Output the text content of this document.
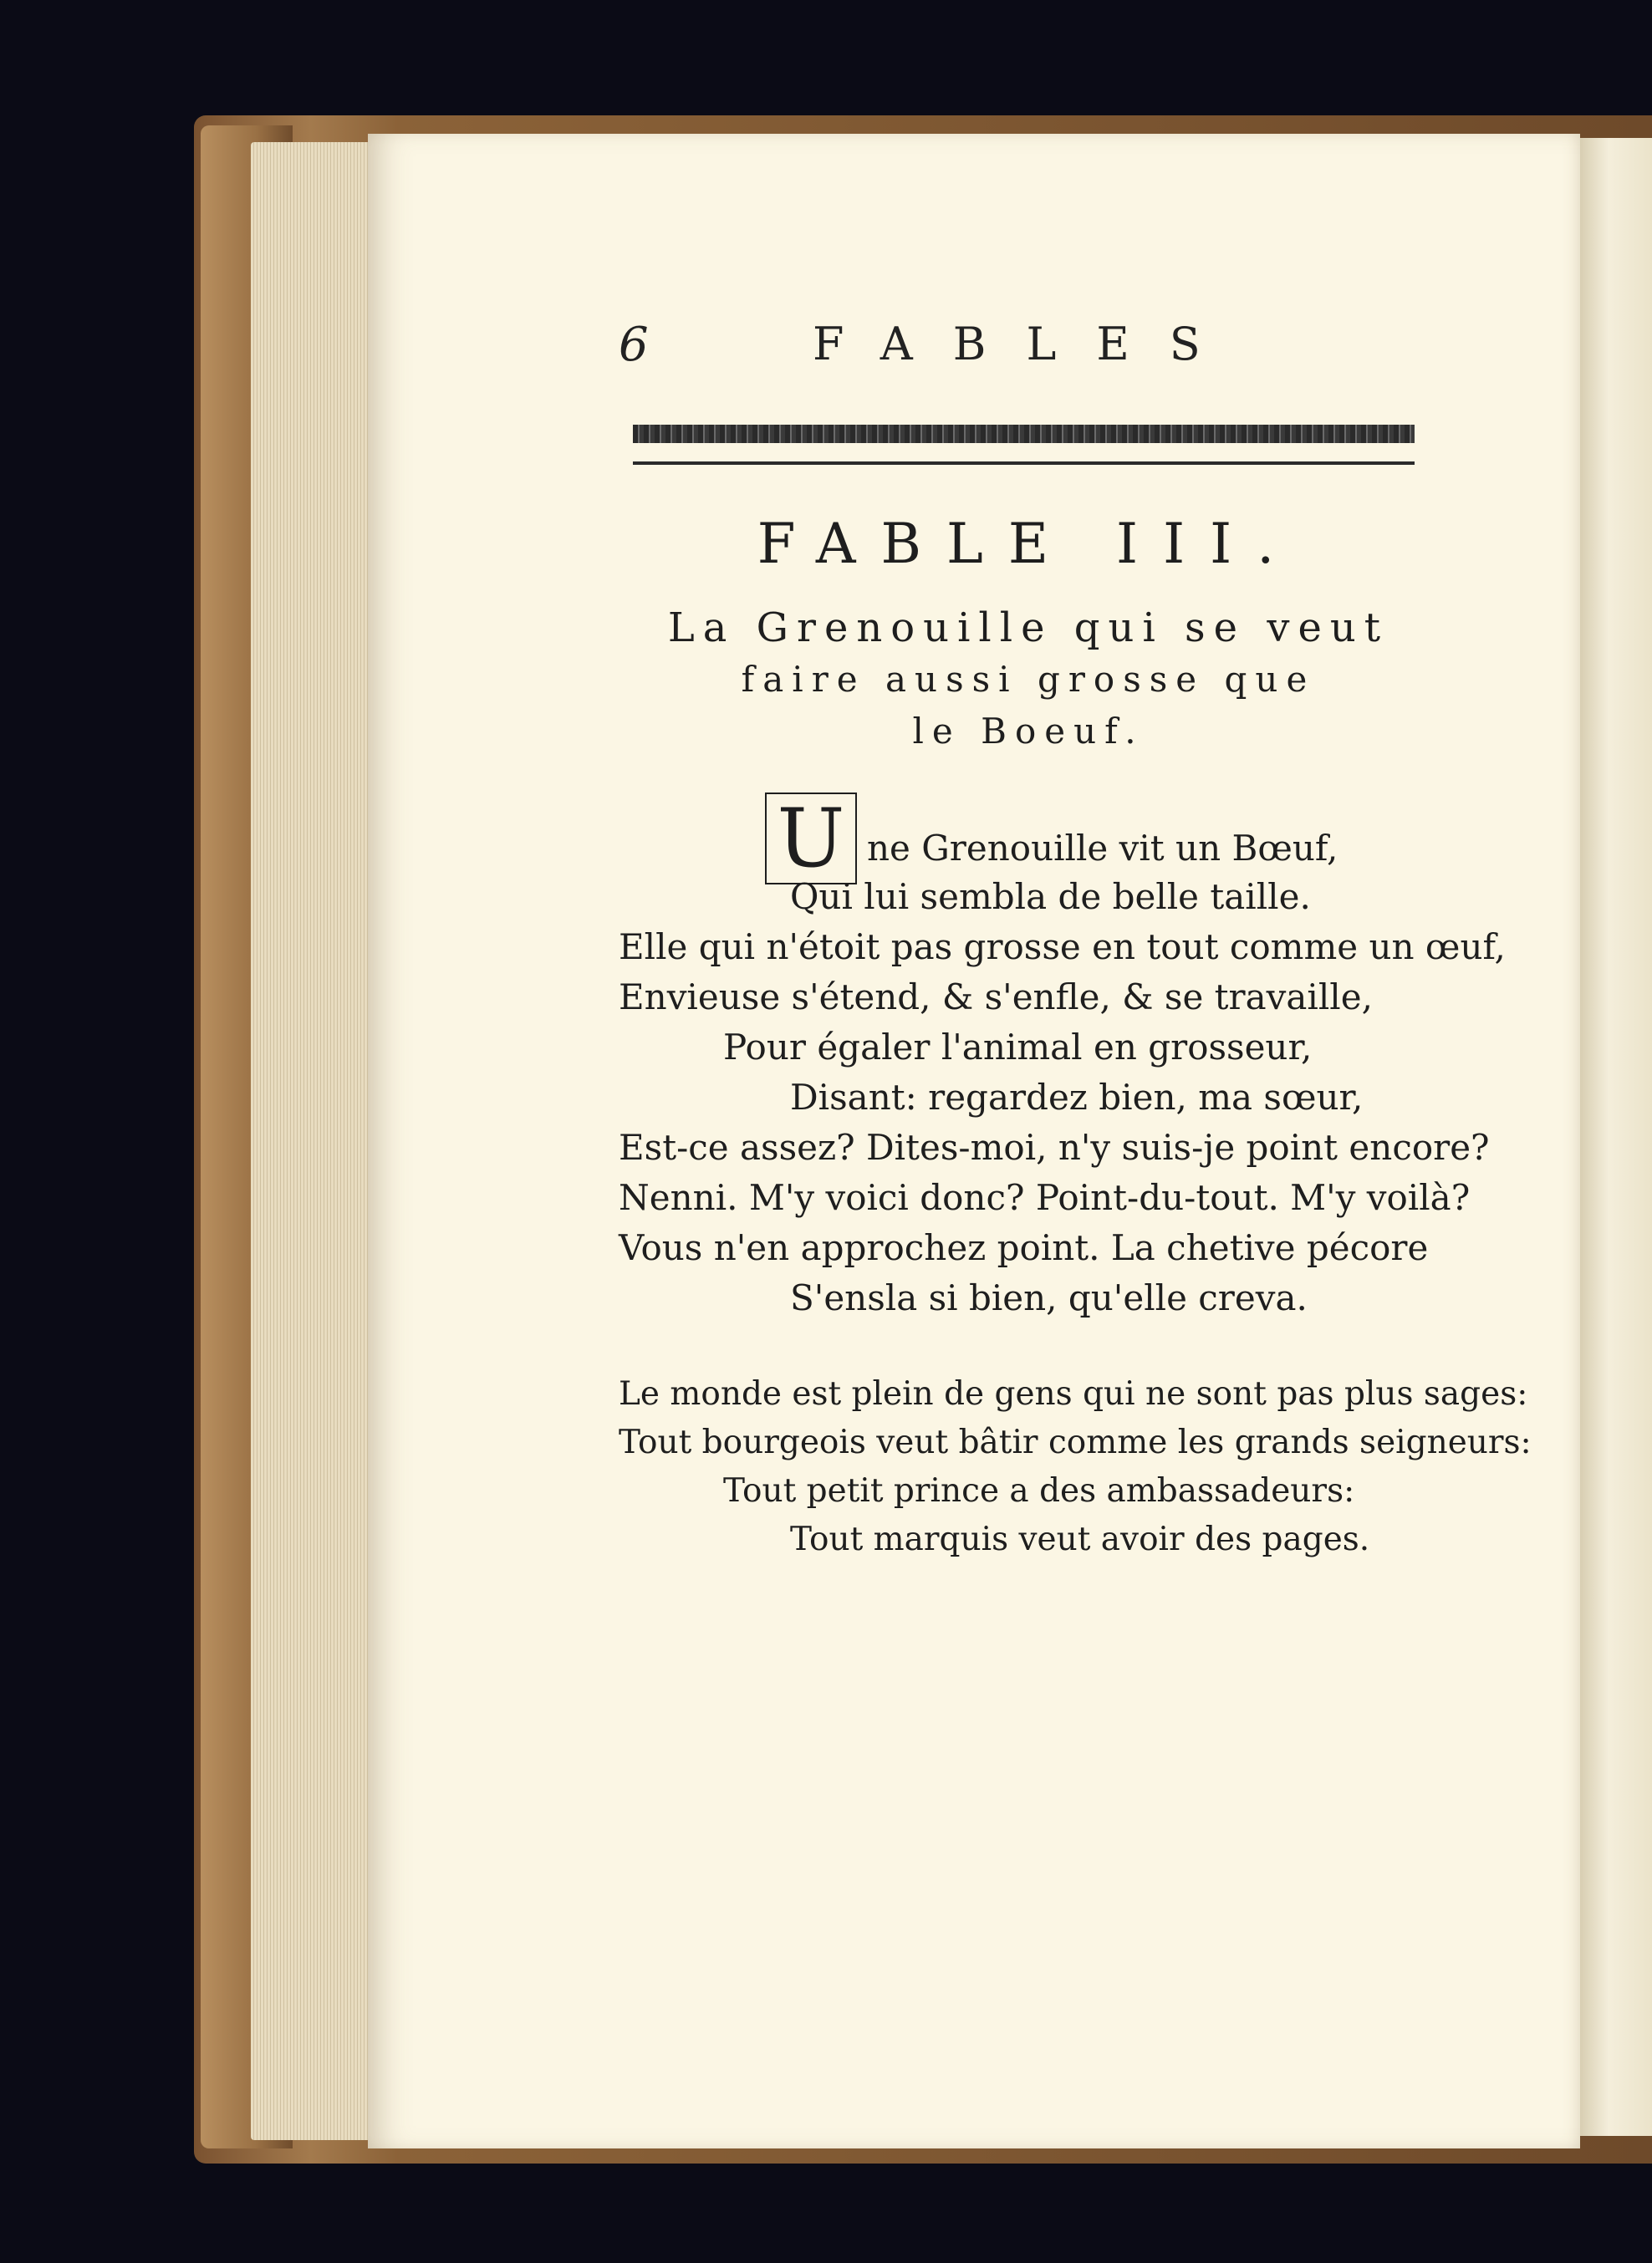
6	FABLES
FABLE III.
La Grenouille qui se veut
faire aussi grosse que
le Boeuf.
U ne Grenouille vit un Bœuf,
Qui lui sembla de belle taille.
Elle qui n'étoit pas grosse en tout comme un œuf,
Envieuse s'étend, & s'enfle, & se travaille,
Pour égaler l'animal en grosseur,
Disant: regardez bien, ma sœur,
Est-ce assez? Dites-moi, n'y suis-je point encore?
Nenni. M'y voici donc? Point-du-tout. M'y voilà?
Vous n'en approchez point. La chetive pécore
S'ensla si bien, qu'elle creva.
Le monde est plein de gens qui ne sont pas plus sages:
Tout bourgeois veut bâtir comme les grands seigneurs:
Tout petit prince a des ambassadeurs:
Tout marquis veut avoir des pages.
